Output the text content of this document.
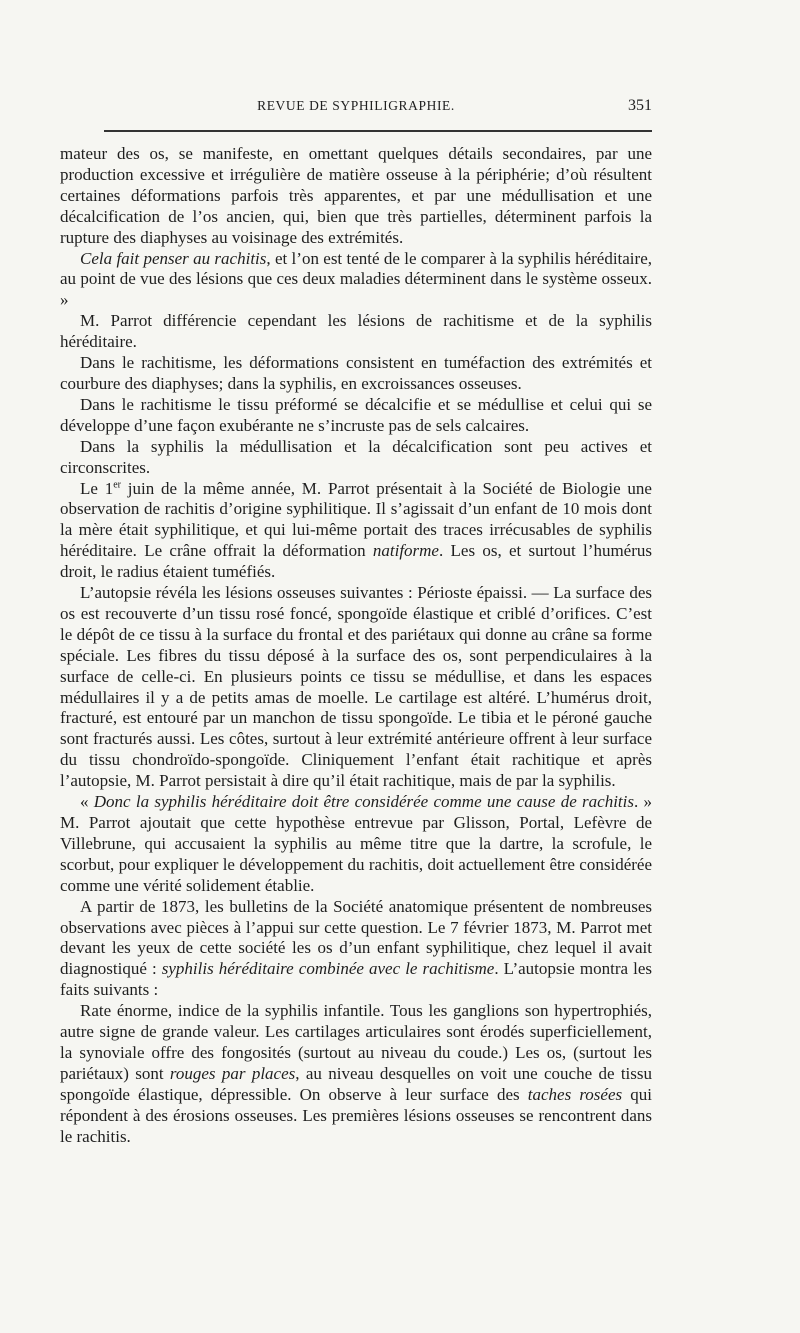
REVUE DE SYPHILIGRAPHIE.	351

mateur des os, se manifeste, en omettant quelques détails secondaires, par une production excessive et irrégulière de matière osseuse à la périphérie; d’où résultent certaines déformations parfois très apparentes, et par une médullisation et une décalcification de l’os ancien, qui, bien que très partielles, déterminent parfois la rupture des diaphyses au voisinage des extrémités.

Cela fait penser au rachitis, et l’on est tenté de le comparer à la syphilis héréditaire, au point de vue des lésions que ces deux maladies déterminent dans le système osseux. »

M. Parrot différencie cependant les lésions de rachitisme et de la syphilis héréditaire.

Dans le rachitisme, les déformations consistent en tuméfaction des extrémités et courbure des diaphyses; dans la syphilis, en excroissances osseuses.

Dans le rachitisme le tissu préformé se décalcifie et se médullise et celui qui se développe d’une façon exubérante ne s’incruste pas de sels calcaires.

Dans la syphilis la médullisation et la décalcification sont peu actives et circonscrites.

Le 1er juin de la même année, M. Parrot présentait à la Société de Biologie une observation de rachitis d’origine syphilitique. Il s’agissait d’un enfant de 10 mois dont la mère était syphilitique, et qui lui-même portait des traces irrécusables de syphilis héréditaire. Le crâne offrait la déformation natiforme. Les os, et surtout l’humérus droit, le radius étaient tuméfiés.

L’autopsie révéla les lésions osseuses suivantes : Périoste épaissi. — La surface des os est recouverte d’un tissu rosé foncé, spongoïde élastique et criblé d’orifices. C’est le dépôt de ce tissu à la surface du frontal et des pariétaux qui donne au crâne sa forme spéciale. Les fibres du tissu déposé à la surface des os, sont perpendiculaires à la surface de celle-ci. En plusieurs points ce tissu se médullise, et dans les espaces médullaires il y a de petits amas de moelle. Le cartilage est altéré. L’humérus droit, fracturé, est entouré par un manchon de tissu spongoïde. Le tibia et le péroné gauche sont fracturés aussi. Les côtes, surtout à leur extrémité antérieure offrent à leur surface du tissu chondroïdo-spongoïde. Cliniquement l’enfant était rachitique et après l’autopsie, M. Parrot persistait à dire qu’il était rachitique, mais de par la syphilis.

« Donc la syphilis héréditaire doit être considérée comme une cause de rachitis. » M. Parrot ajoutait que cette hypothèse entrevue par Glisson, Portal, Lefèvre de Villebrune, qui accusaient la syphilis au même titre que la dartre, la scrofule, le scorbut, pour expliquer le développement du rachitis, doit actuellement être considérée comme une vérité solidement établie.

A partir de 1873, les bulletins de la Société anatomique présentent de nombreuses observations avec pièces à l’appui sur cette question. Le 7 février 1873, M. Parrot met devant les yeux de cette société les os d’un enfant syphilitique, chez lequel il avait diagnostiqué : syphilis héréditaire combinée avec le rachitisme. L’autopsie montra les faits suivants :

Rate énorme, indice de la syphilis infantile. Tous les ganglions son hypertrophiés, autre signe de grande valeur. Les cartilages articulaires sont érodés superficiellement, la synoviale offre des fongosités (surtout au niveau du coude.) Les os, (surtout les pariétaux) sont rouges par places, au niveau desquelles on voit une couche de tissu spongoïde élastique, dépressible. On observe à leur surface des taches rosées qui répondent à des érosions osseuses. Les premières lésions osseuses se rencontrent dans le rachitis.
